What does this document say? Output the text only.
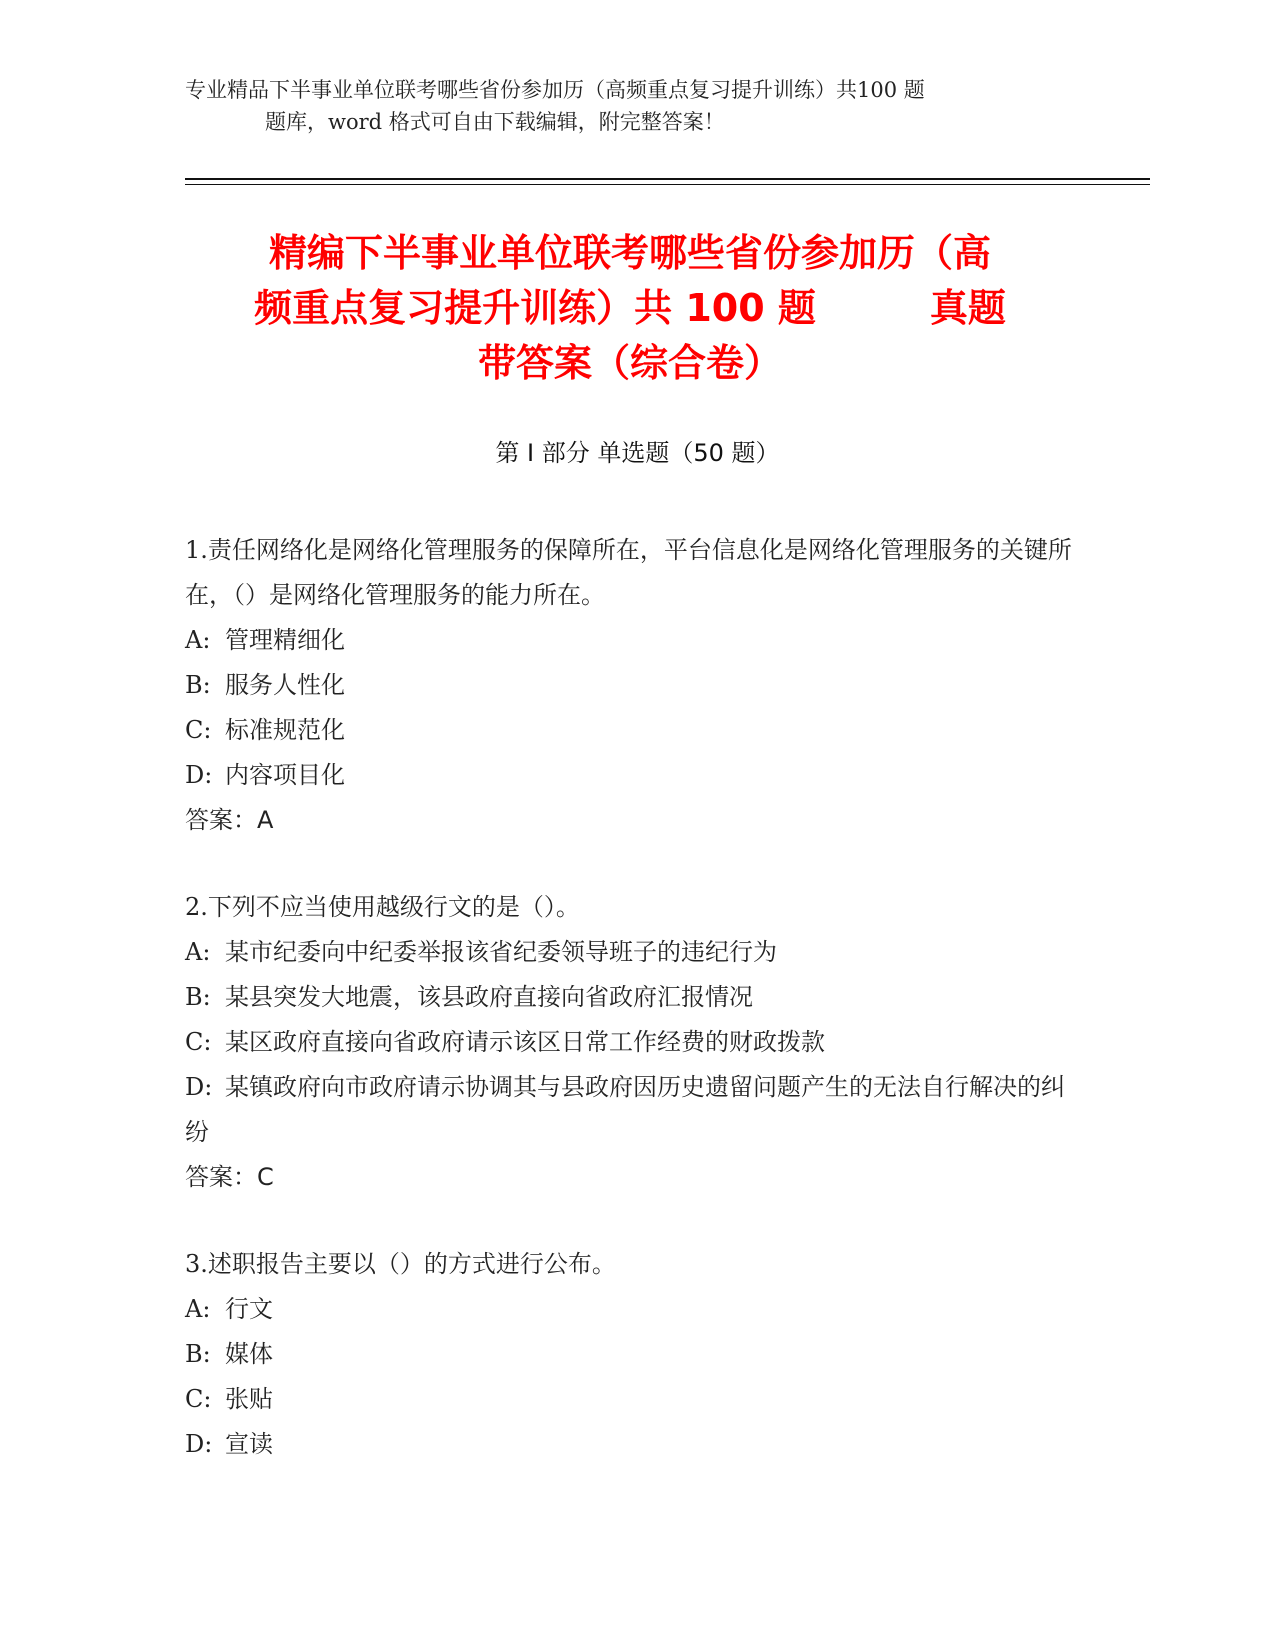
专业精品下半事业单位联考哪些省份参加历（高频重点复习提升训练）共100 题
题库，word 格式可自由下载编辑，附完整答案！
精编下半事业单位联考哪些省份参加历（高
频重点复习提升训练）共 100 题　　　真题
带答案（综合卷）
第 I 部分 单选题（50 题）
1.责任网络化是网络化管理服务的保障所在，平台信息化是网络化管理服务的关键所在，（）是网络化管理服务的能力所在。
A: 管理精细化
B: 服务人性化
C: 标准规范化
D: 内容项目化
答案：A
2.下列不应当使用越级行文的是（）。
A: 某市纪委向中纪委举报该省纪委领导班子的违纪行为
B: 某县突发大地震，该县政府直接向省政府汇报情况
C: 某区政府直接向省政府请示该区日常工作经费的财政拨款
D: 某镇政府向市政府请示协调其与县政府因历史遗留问题产生的无法自行解决的纠纷
答案：C
3.述职报告主要以（）的方式进行公布。
A: 行文
B: 媒体
C: 张贴
D: 宣读
